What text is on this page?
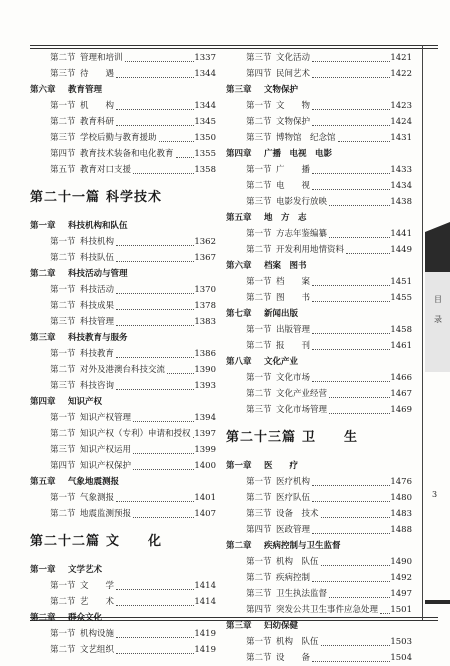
第二节 管理和培训	1337
第三节 待　　遇	1344
第六章 教育管理
第一节 机　　构	1344
第二节 教育科研	1345
第三节 学校后勤与教育援助	1350
第四节 教育技术装备和电化教育 1355
第五节 教育对口支援	1358
第二十一篇 科学技术
第一章 科技机构和队伍
第一节 科技机构	1362
第二节 科技队伍	1367
第二章 科技活动与管理
第一节 科技活动	1370
第二节 科技成果	1378
第三节 科技管理	1383
第三章 科技教育与服务
第一节 科技教育	1386
第二节 对外及港澳台科技交流	1390
第三节 科技咨询	1393
第四章 知识产权
第一节 知识产权管理	1394
第二节 知识产权（专利）申请和授权 1397
第三节 知识产权运用	1399
第四节 知识产权保护	1400
第五章 气象地震测报
第一节 气象测报	1401
第二节 地震监测预报	1407
第二十二篇 文　　化
第一章 文学艺术
第一节 文　　学	1414
第二节 艺　　术	1414
第二章 群众文化
第一节 机构设施	1419
第二节 文艺组织	1419
第三节 文化活动	1421
第四节 民间艺术	1422
第三章 文物保护
第一节 文　　物	1423
第二节 文物保护	1424
第三节 博物馆　纪念馆	1431
第四章 广播　电视　电影
第一节 广　　播	1433
第二节 电　　视	1434
第三节 电影发行放映	1438
第五章 地　方　志
第一节 方志年鉴编纂	1441
第二节 开发利用地情资料	1449
第六章 档案　图书
第一节 档　　案	1451
第二节 图　　书	1455
第七章 新闻出版
第一节 出版管理	1458
第二节 报　　刊	1461
第八章 文化产业
第一节 文化市场	1466
第二节 文化产业经营	1467
第三节 文化市场管理	1469
第二十三篇 卫　　生
第一章 医　　疗
第一节 医疗机构	1476
第二节 医疗队伍	1480
第三节 设备　技术	1483
第四节 医政管理	1488
第二章 疾病控制与卫生监督
第一节 机构　队伍	1490
第二节 疾病控制	1492
第三节 卫生执法监督	1497
第四节 突发公共卫生事件应急处理 1501
第三章 妇幼保健
第一节 机构　队伍	1503
第二节 设　　备	1504
目
录
3
